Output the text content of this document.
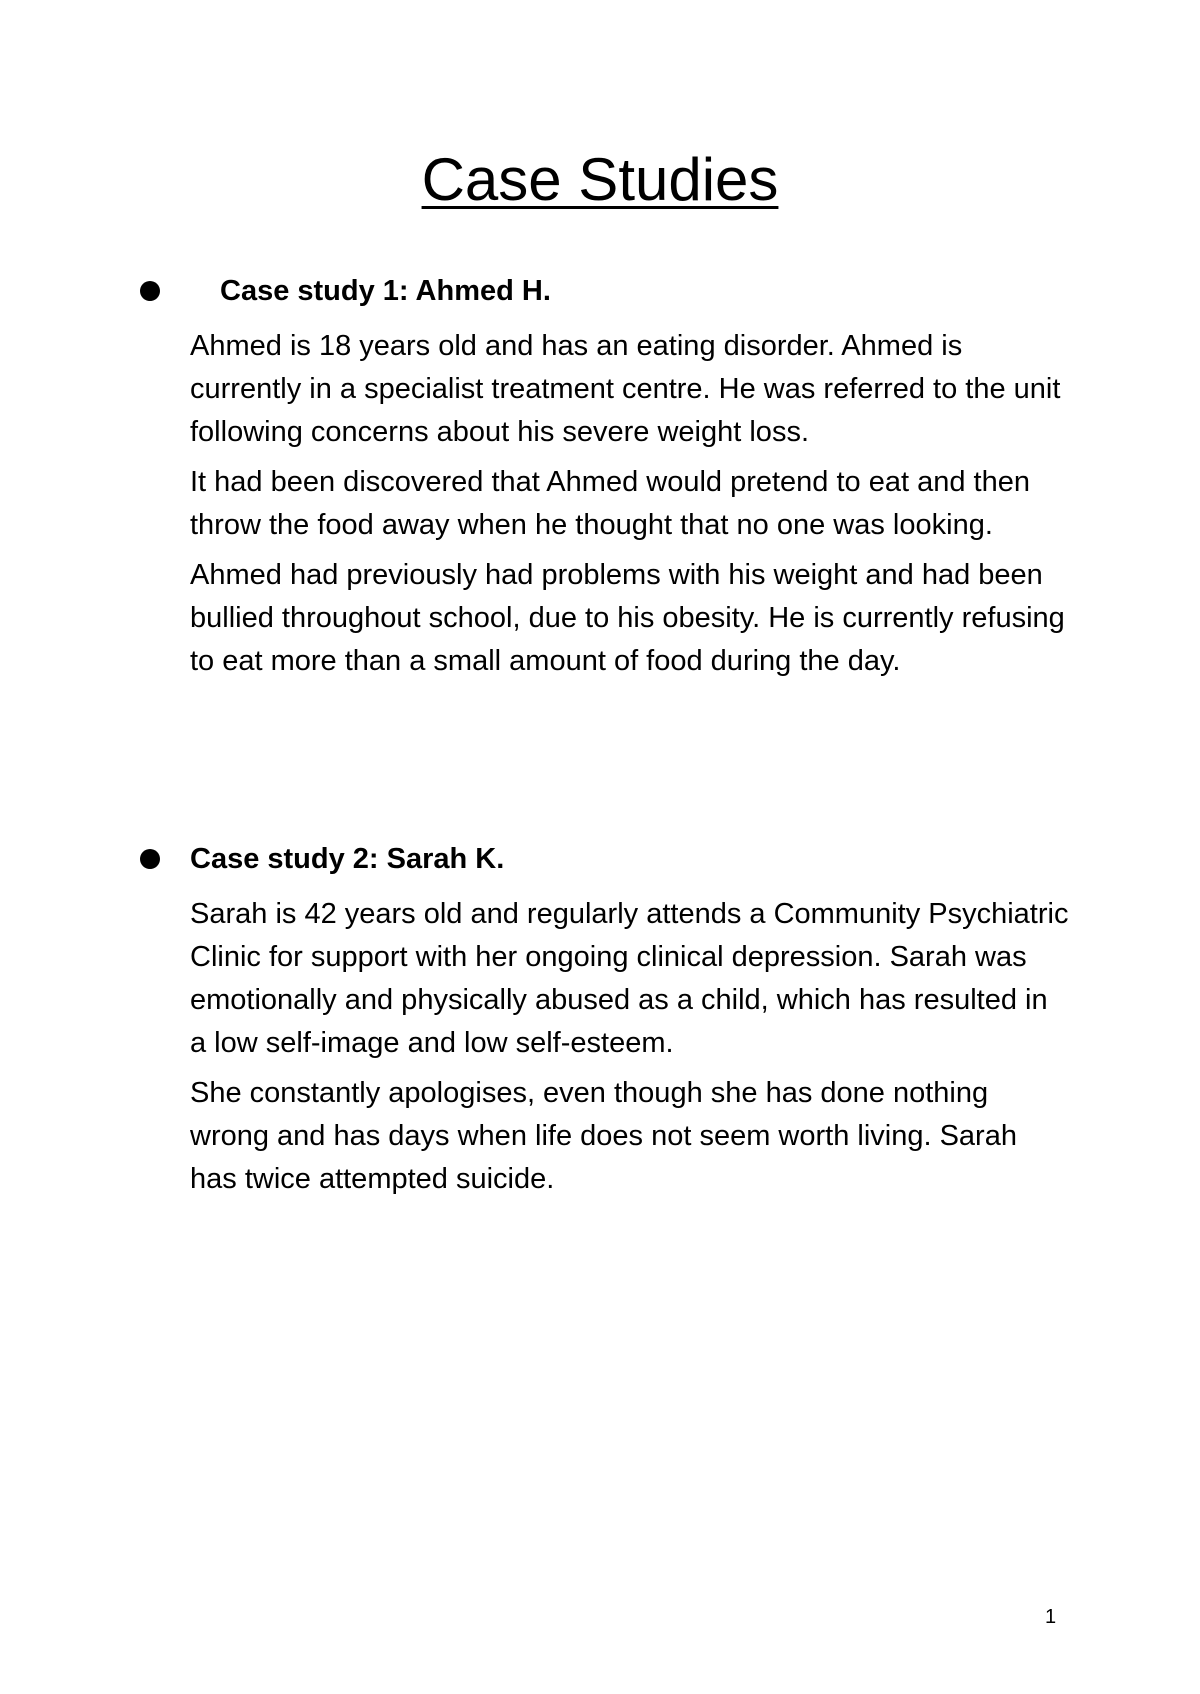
Case Studies
Case study 1: Ahmed H.

Ahmed is 18 years old and has an eating disorder. Ahmed is currently in a specialist treatment centre. He was referred to the unit following concerns about his severe weight loss.

It had been discovered that Ahmed would pretend to eat and then throw the food away when he thought that no one was looking.

Ahmed had previously had problems with his weight and had been bullied throughout school, due to his obesity. He is currently refusing to eat more than a small amount of food during the day.

Case study 2: Sarah K.

Sarah is 42 years old and regularly attends a Community Psychiatric Clinic for support with her ongoing clinical depression. Sarah was emotionally and physically abused as a child, which has resulted in a low self-image and low self-esteem.

She constantly apologises, even though she has done nothing wrong and has days when life does not seem worth living. Sarah has twice attempted suicide.

1
